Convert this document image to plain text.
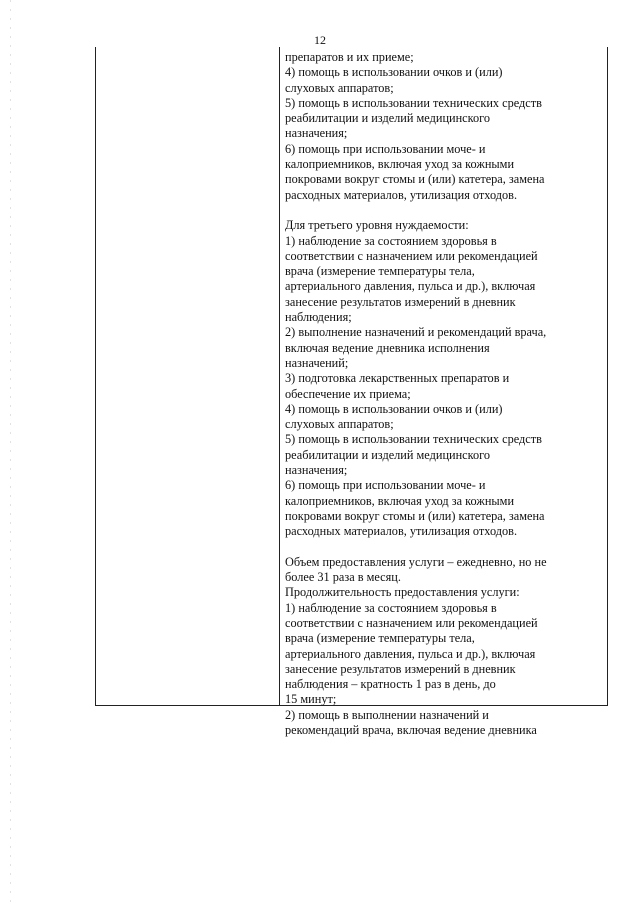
12
препаратов и их приеме;
4) помощь в использовании очков и (или)
слуховых аппаратов;
5) помощь в использовании технических средств
реабилитации и изделий медицинского
назначения;
6) помощь при использовании моче- и
калоприемников, включая уход за кожными
покровами вокруг стомы и (или) катетера, замена
расходных материалов, утилизация отходов.
Для третьего уровня нуждаемости:
1) наблюдение за состоянием здоровья в
соответствии с назначением или рекомендацией
врача (измерение температуры тела,
артериального давления, пульса и др.), включая
занесение результатов измерений в дневник
наблюдения;
2) выполнение назначений и рекомендаций врача,
включая ведение дневника исполнения
назначений;
3) подготовка лекарственных препаратов и
обеспечение их приема;
4) помощь в использовании очков и (или)
слуховых аппаратов;
5) помощь в использовании технических средств
реабилитации и изделий медицинского
назначения;
6) помощь при использовании моче- и
калоприемников, включая уход за кожными
покровами вокруг стомы и (или) катетера, замена
расходных материалов, утилизация отходов.
Объем предоставления услуги – ежедневно, но не
более 31 раза в месяц.
Продолжительность предоставления услуги:
1) наблюдение за состоянием здоровья в
соответствии с назначением или рекомендацией
врача (измерение температуры тела,
артериального давления, пульса и др.), включая
занесение результатов измерений в дневник
наблюдения – кратность 1 раз в день, до
15 минут;
2) помощь в выполнении назначений и
рекомендаций врача, включая ведение дневника
